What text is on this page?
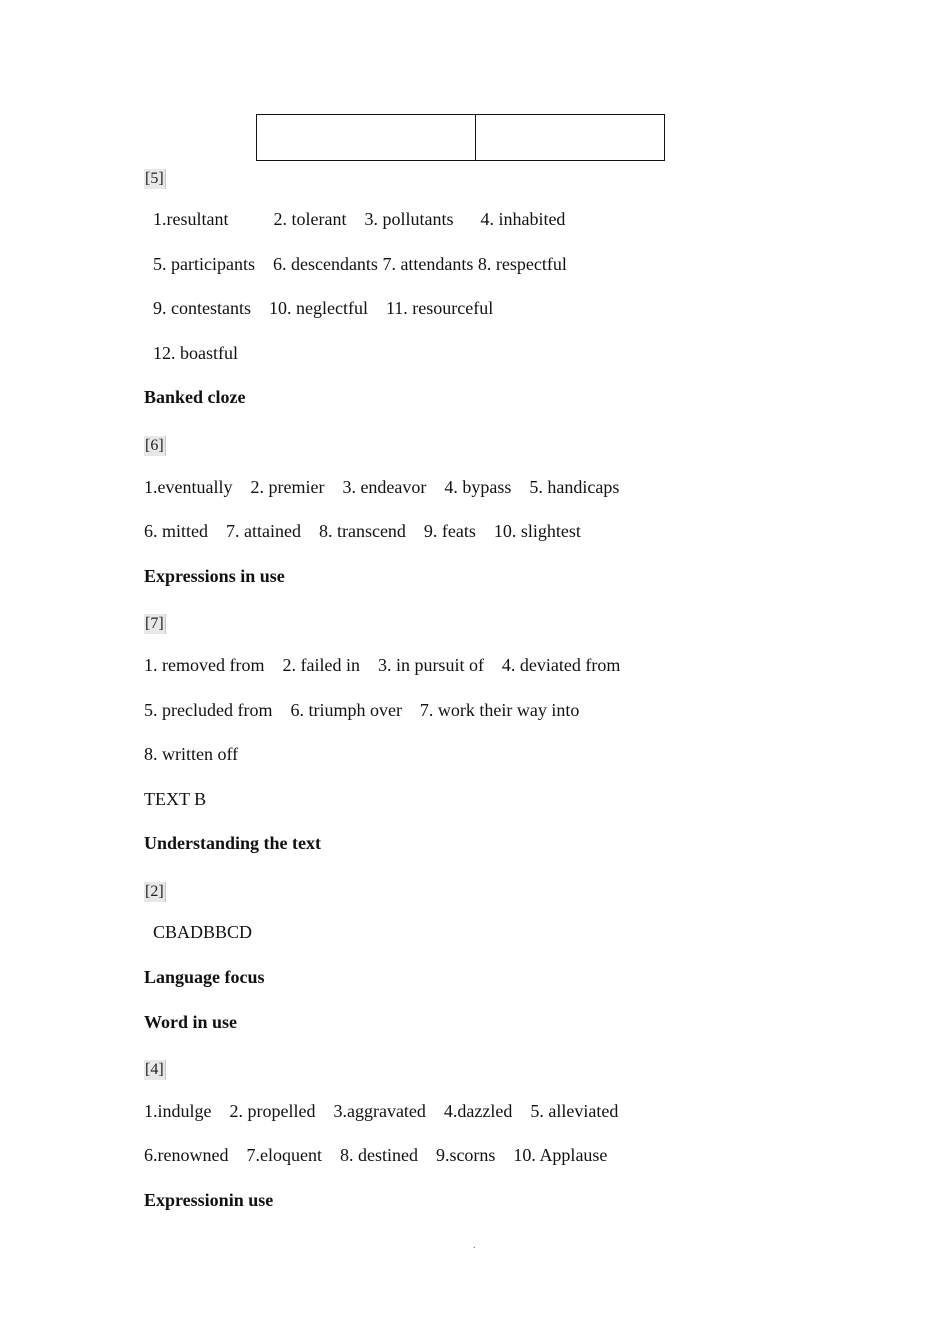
[5]
1.resultant          2. tolerant    3. pollutants      4. inhabited
5. participants    6. descendants 7. attendants 8. respectful
9. contestants    10. neglectful    11. resourceful
12. boastful
Banked cloze
[6]
1.eventually    2. premier    3. endeavor    4. bypass    5. handicaps
6. mitted    7. attained    8. transcend    9. feats    10. slightest
Expressions in use
[7]
1. removed from    2. failed in    3. in pursuit of    4. deviated from
5. precluded from    6. triumph over    7. work their way into
8. written off
TEXT B
Understanding the text
[2]
CBADBBCD
Language focus
Word in use
[4]
1.indulge    2. propelled    3.aggravated    4.dazzled    5. alleviated
6.renowned    7.eloquent    8. destined    9.scorns    10. Applause
Expressionin use
.
